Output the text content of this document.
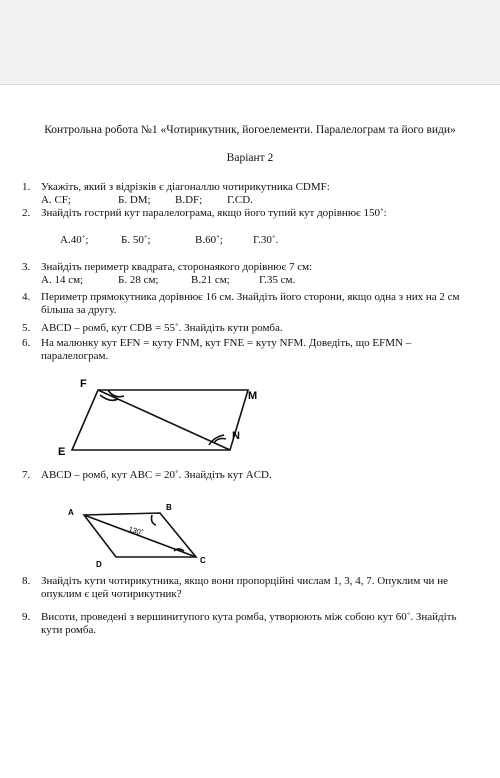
Контрольна робота №1 «Чотирикутник, йогоелементи. Паралелограм та його види»
Варіант 2
1. Укажіть, який з відрізків є діагоналлю чотирикутника CDMF:
A. CF;	Б. DM; В.DF; Г.CD.
2. Знайдіть гострий кут паралелограма, якщо його тупий кут дорівнює 150˚:
A.40˚;	Б. 50˚;	В.60˚;	Г.30˚.
3. Знайдіть периметр квадрата, сторонаякого дорівнює 7 см:
А. 14 см;	Б. 28 см;	В.21 см;	Г.35 см.
4. Периметр прямокутника дорівнює 16 см. Знайдіть його сторони, якщо одна з них на 2 см більша за другу.
5. ABCD – ромб, кут CDB = 55˚. Знайдіть кути ромба.
6. На малюнку кут EFN = куту FNM, кут FNE = куту NFM. Доведіть, що EFMN – паралелограм.
F
M
E
N
A
B
C
D
130˚
7. ABCD – ромб, кут ABC = 20˚. Знайдіть кут ACD.
8. Знайдіть кути чотирикутника, якщо вони пропорційні числам 1, 3, 4, 7. Опуклим чи не опуклим є цей чотирикутник?
9. Висоти, проведені з вершинитупого кута ромба, утворюють між собою кут 60˚. Знайдіть кути ромба.
